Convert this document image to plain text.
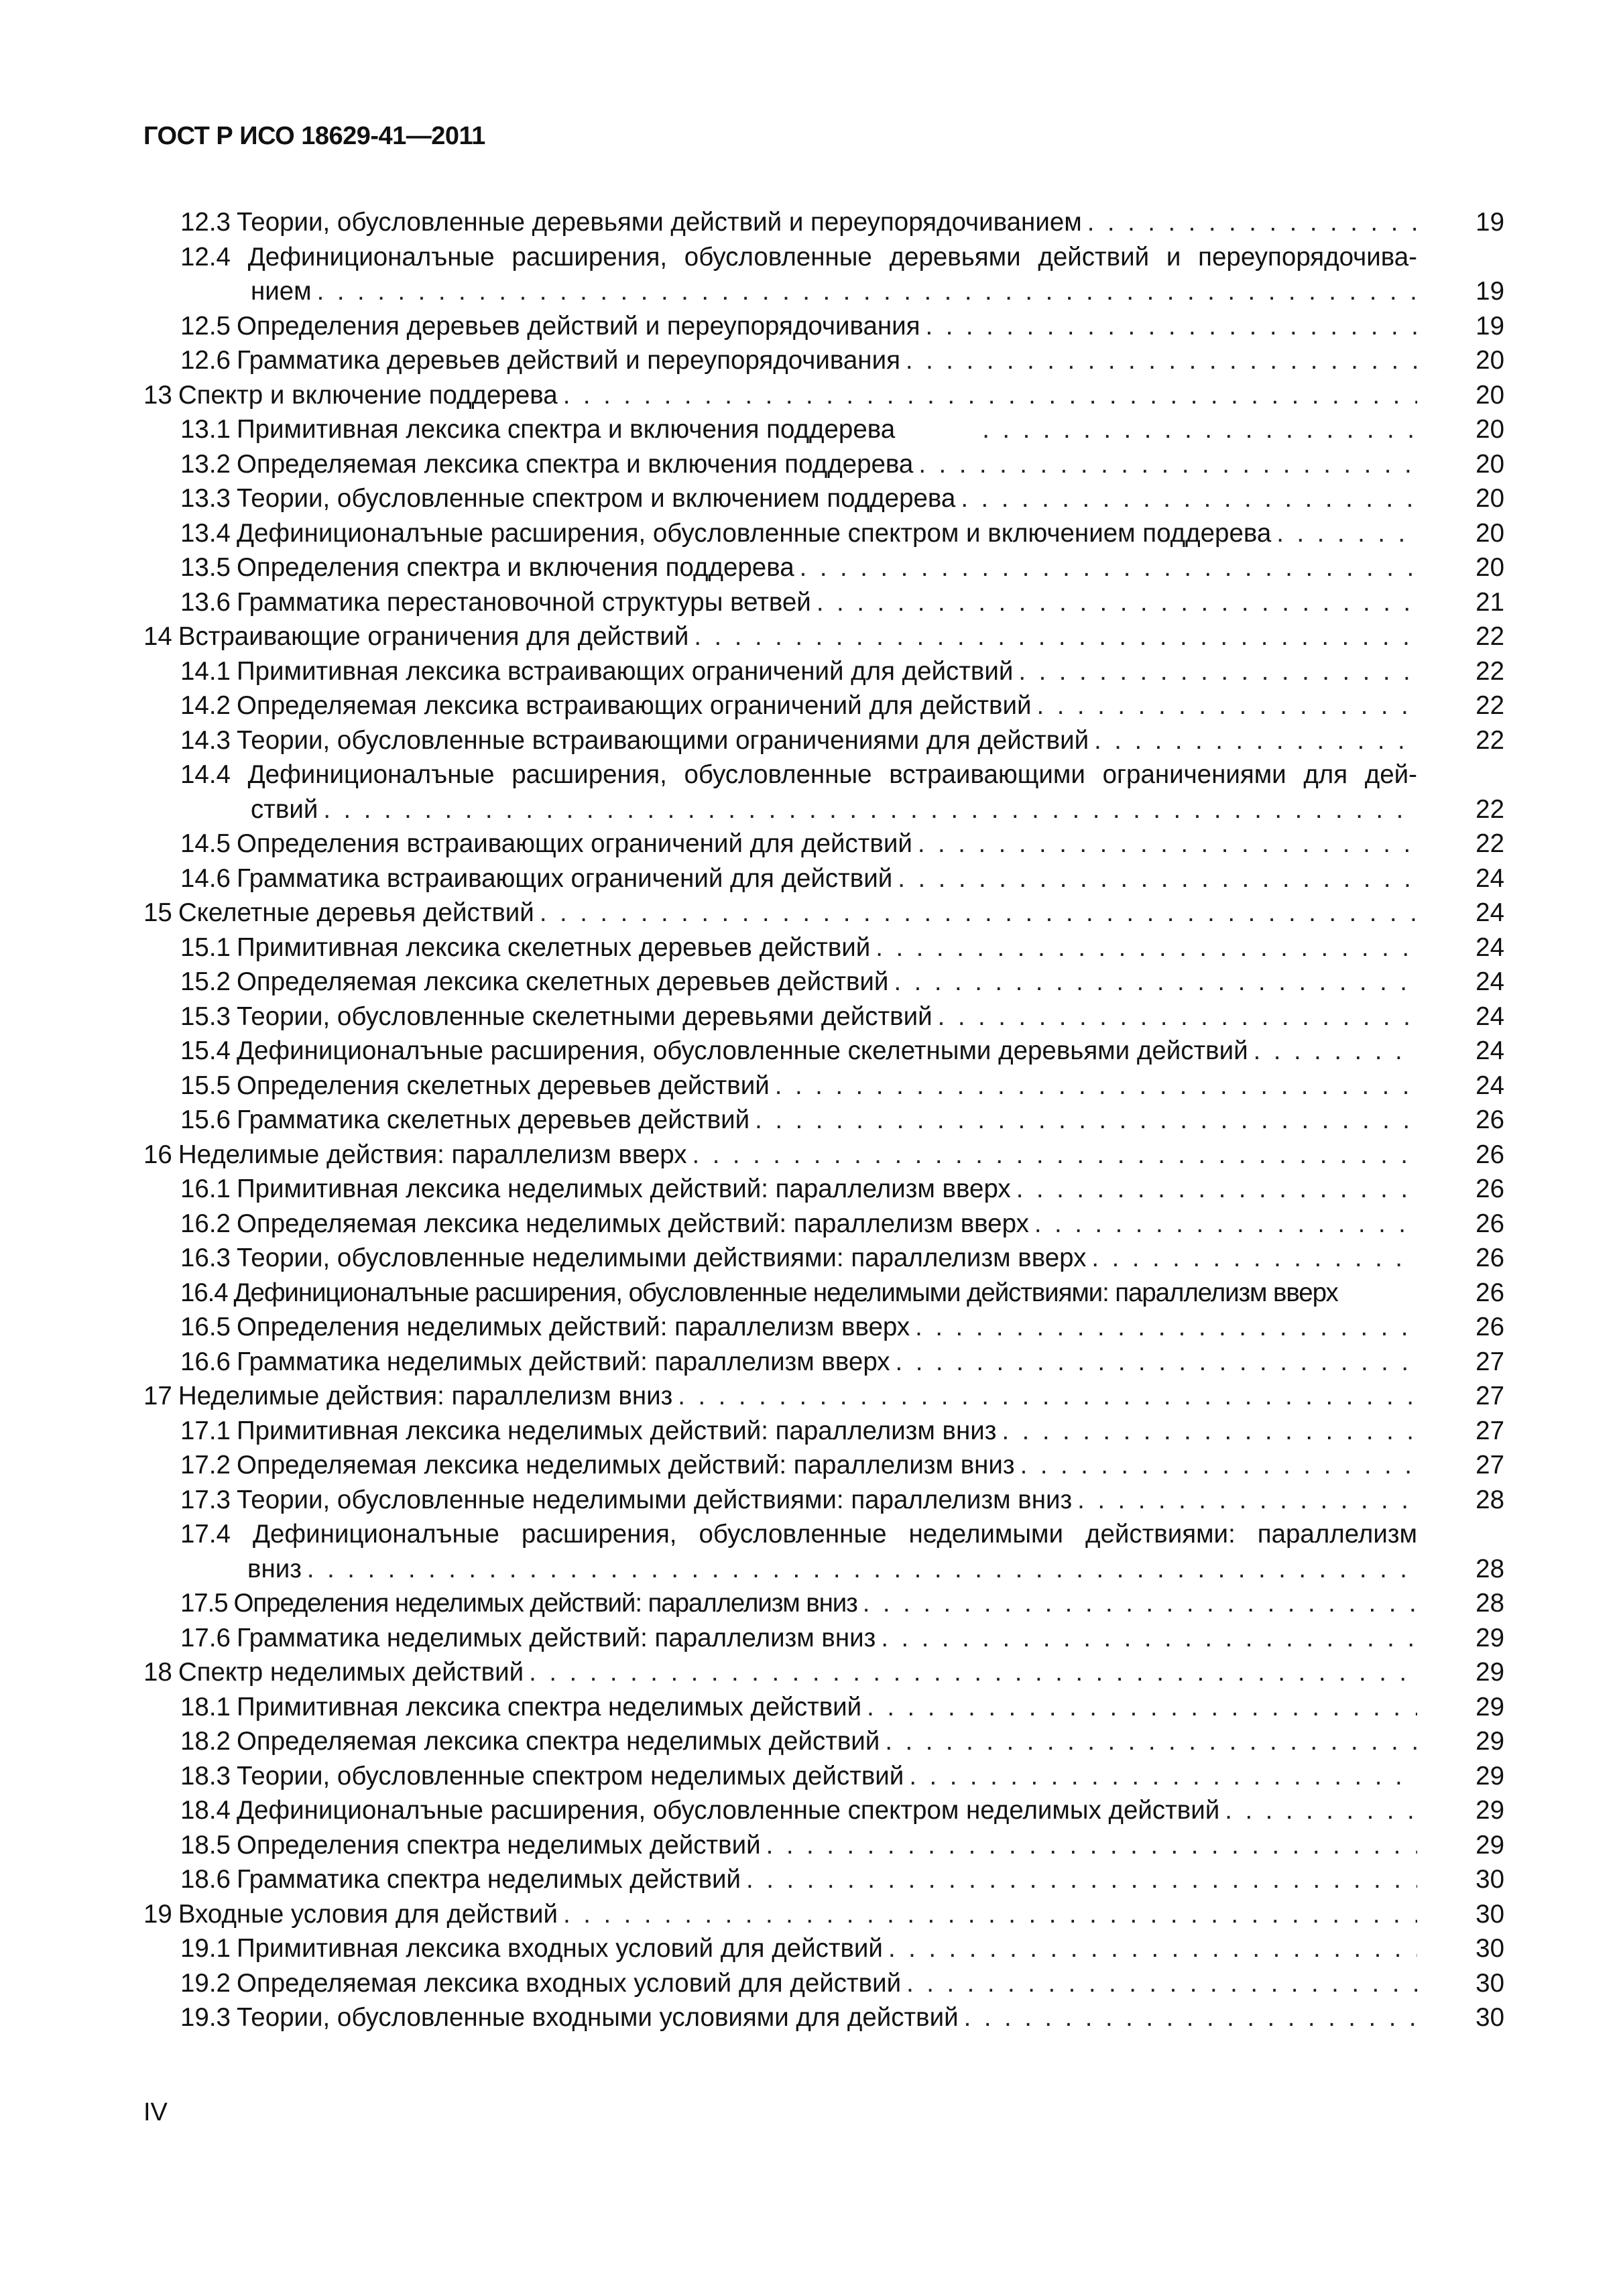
ГОСТ Р ИСО 18629-41—2011
12.3 Теории, обусловленные деревьями действий и переупорядочиванием . . .	19
12.4 Дефиниционалъные расширения, обусловленные деревьями действий и переупорядочива-
нием . . .	19
12.5 Определения деревьев действий и переупорядочивания . . .	19
12.6 Грамматика деревьев действий и переупорядочивания . . .	20
13 Спектр и включение поддерева . . .	20
13.1 Примитивная лексика спектра и включения поддерева . . .	20
13.2 Определяемая лексика спектра и включения поддерева . . .	20
13.3 Теории, обусловленные спектром и включением поддерева . . .	20
13.4 Дефиниционалъные расширения, обусловленные спектром и включением поддерева . . .	20
13.5 Определения спектра и включения поддерева . . .	20
13.6 Грамматика перестановочной структуры ветвей . . .	21
14 Встраивающие ограничения для действий . . .	22
14.1 Примитивная лексика встраивающих ограничений для действий . . .	22
14.2 Определяемая лексика встраивающих ограничений для действий . . .	22
14.3 Теории, обусловленные встраивающими ограничениями для действий . . .	22
14.4 Дефиниционалъные расширения, обусловленные встраивающими ограничениями для дей-
ствий . . .	22
14.5 Определения встраивающих ограничений для действий . . .	22
14.6 Грамматика встраивающих ограничений для действий . . .	24
15 Скелетные деревья действий . . .	24
15.1 Примитивная лексика скелетных деревьев действий . . .	24
15.2 Определяемая лексика скелетных деревьев действий . . .	24
15.3 Теории, обусловленные скелетными деревьями действий . . .	24
15.4 Дефиниционалъные расширения, обусловленные скелетными деревьями действий . . .	24
15.5 Определения скелетных деревьев действий . . .	24
15.6 Грамматика скелетных деревьев действий . . .	26
16 Неделимые действия: параллелизм вверх . . .	26
16.1 Примитивная лексика неделимых действий: параллелизм вверх . . .	26
16.2 Определяемая лексика неделимых действий: параллелизм вверх . . .	26
16.3 Теории, обусловленные неделимыми действиями: параллелизм вверх . . .	26
16.4 Дефиниционалъные расширения, обусловленные неделимыми действиями: параллелизм вверх	26
16.5 Определения неделимых действий: параллелизм вверх . . .	26
16.6 Грамматика неделимых действий: параллелизм вверх . . .	27
17 Неделимые действия: параллелизм вниз . . .	27
17.1 Примитивная лексика неделимых действий: параллелизм вниз . . .	27
17.2 Определяемая лексика неделимых действий: параллелизм вниз . . .	27
17.3 Теории, обусловленные неделимыми действиями: параллелизм вниз . . .	28
17.4 Дефиниционалъные расширения, обусловленные неделимыми действиями: параллелизм
вниз . . .	28
17.5 Определения неделимых действий: параллелизм вниз . . .	28
17.6 Грамматика неделимых действий: параллелизм вниз . . .	29
18 Спектр неделимых действий . . .	29
18.1 Примитивная лексика спектра неделимых действий . . .	29
18.2 Определяемая лексика спектра неделимых действий . . .	29
18.3 Теории, обусловленные спектром неделимых действий . . .	29
18.4 Дефиниционалъные расширения, обусловленные спектром неделимых действий . . .	29
18.5 Определения спектра неделимых действий . . .	29
18.6 Грамматика спектра неделимых действий . . .	30
19 Входные условия для действий . . .	30
19.1 Примитивная лексика входных условий для действий . . .	30
19.2 Определяемая лексика входных условий для действий . . .	30
19.3 Теории, обусловленные входными условиями для действий . . .	30
IV
